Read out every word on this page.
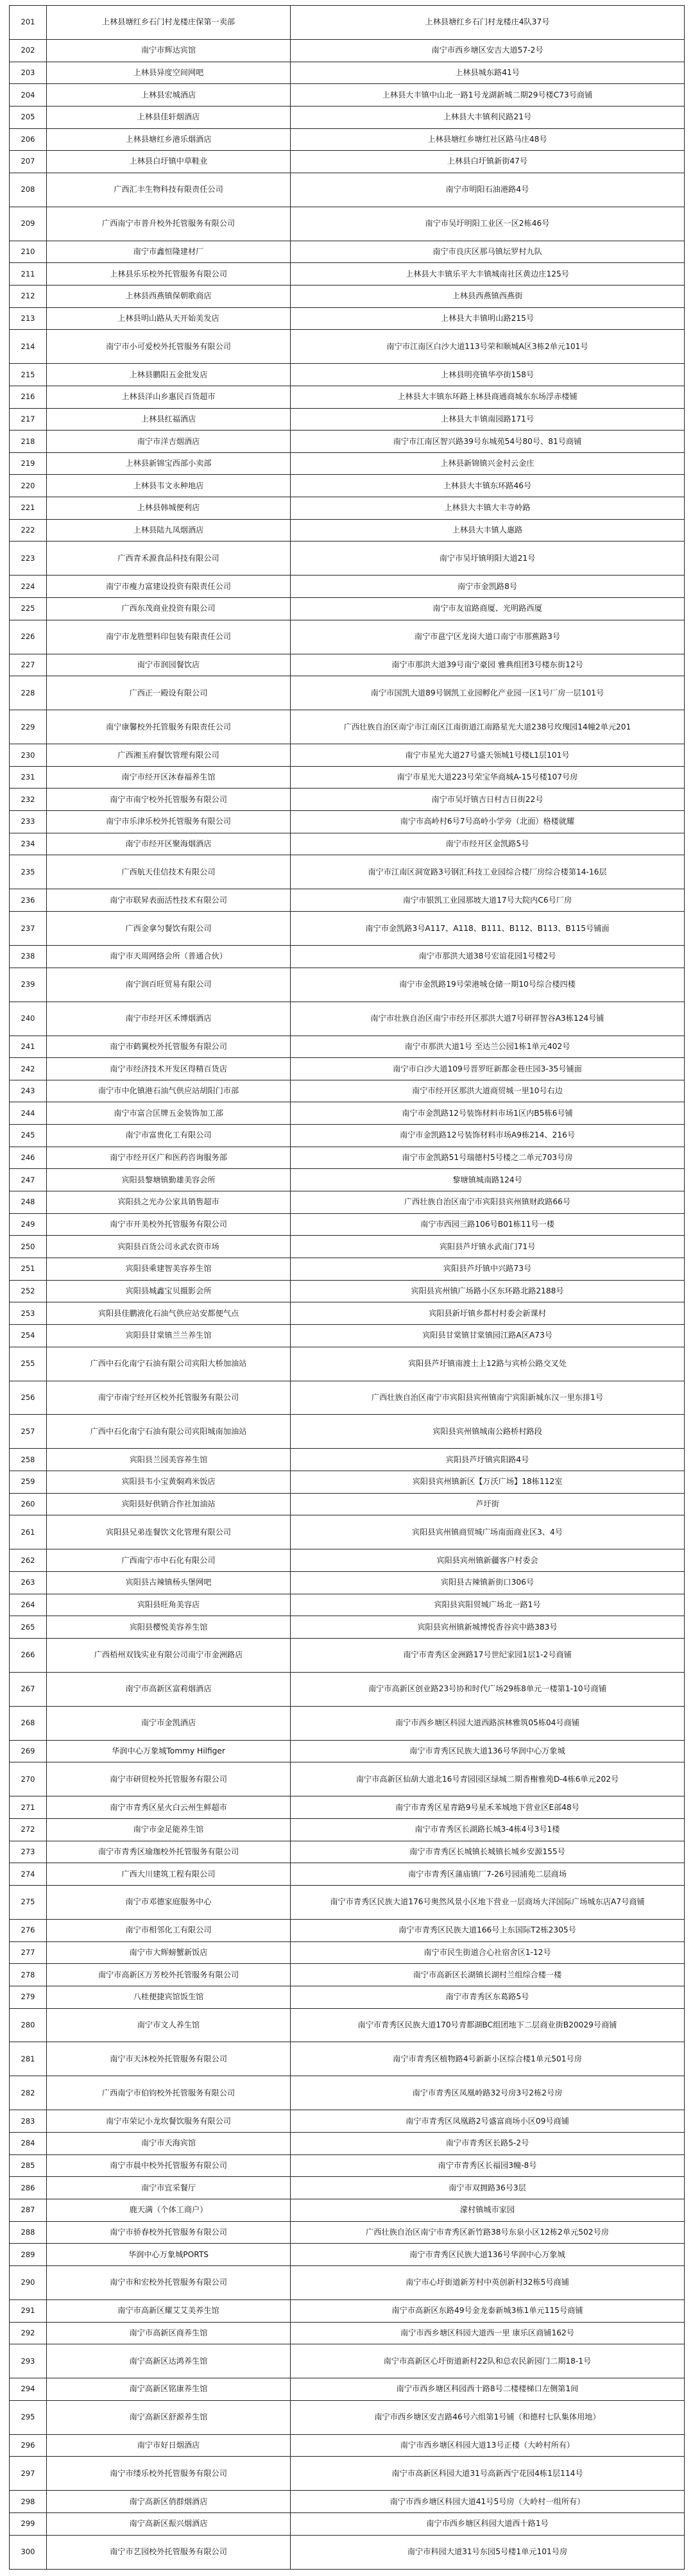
201	上林县塘红乡石门村龙楼庄保第一卖部	上林县塘红乡石门村龙楼庄4队37号
202	南宁市辉达宾馆	南宁市西乡塘区安吉大道57-2号
203	上林县异度空间网吧	上林县城东路41号
204	上林县宏城酒店	上林县大丰镇中山北一路1号龙湖新城二期29号楼C73号商铺
205	上林县佳轩烟酒店	上林县大丰镇利民路21号
206	上林县塘红乡港乐烟酒店	上林县塘红乡塘红社区路马庄48号
207	上林县白圩镇中草鞋业	上林县白圩镇新街47号
208	广西汇丰生物科技有限责任公司	南宁市明阳石油港路4号
209	广西南宁市普升校外托管服务有限公司	南宁市吴圩明阳工业区一区2栋46号
210	南宁市鑫恒隆建材厂	南宁市良庆区那马镇坛罗村九队
211	上林县乐乐校外托管服务有限公司	上林县大丰镇乐平大丰镇城南社区黄边庄125号
212	上林县西燕镇保朝歌商店	上林县西燕镇西燕街
213	上林县明山路从天开始美发店	上林县大丰镇明山路215号
214	南宁市小可爱校外托管服务有限公司	南宁市江南区白沙大道113号荣和顺城A区3栋2单元101号
215	上林县鹏阳五金批发店	上林县明亮镇华亭街158号
216	上林县洋山乡惠民百货超市	上林县大丰镇东环路上林县商通商城东东场浮赤楼铺
217	上林县红福酒店	上林县大丰镇南园路171号
218	南宁市洋吉烟酒店	南宁市江南区智兴路39号东城苑54号80号、81号商铺
219	上林县新锦宝西部小卖部	上林县新锦镇兴金村云金庄
220	上林县韦文永种地店	上林县大丰镇东环路46号
221	上林县韩城便利店	上林县大丰镇大丰寺岭路
222	上林县陆九凤烟酒店	上林县大丰镇人惠路
223	广西青禾源食品科技有限公司	南宁市吴圩镇明阳大道21号
224	南宁市瘦力富建设投资有限责任公司	南宁市金凯路8号
225	广西东茂商业投资有限公司	南宁市友谊路商厦、光明路西厦
226	南宁市龙胜塑料印包装有限责任公司	南宁市邕宁区龙岗大道口南宁市那蕉路3号
227	南宁市润园餐饮店	南宁市那洪大道39号南宁豪园 雅典组团3号楼东街12号
228	广西正一殿设有限公司	南宁市国凯大道89号钢凯工业园孵化产业园一区1号厂房一层101号
229	南宁康馨校外托管服务有限责任公司	广西壮族自治区南宁市江南区江南街道江南路星光大道238号玫瑰园14幢2单元201
230	广西湘玉府餐饮管理有限公司	南宁市星光大道27号盛天领城1号楼L1层101号
231	南宁市经开区沐春福养生馆	南宁市星光大道223号荣宝华商城A-15号楼107号房
232	南宁市南宁校外托管服务有限公司	南宁市吴圩镇吉日村吉日街22号
233	南宁市乐津乐校外托管服务有限公司	南宁市高岭村6号7号高岭小学旁（北面）格楼就耀
234	南宁市经开区聚海烟酒店	南宁市经开区金凯路5号
235	广西航天佳信技术有限公司	南宁市江南区洞宽路3号钢汇科技工业园综合楼厂房综合楼第14-16层
236	南宁市联昇表面活性技术有限公司	南宁市银凯工业园那坡大道17号大院内C6号厂房
237	广西金拿匀餐饮有限公司	南宁市金凯路3号A117、A118、B111、B112、B113、B115号铺面
238	南宁市天周网络会所（普通合伙）	南宁市那洪大道38号宏谊花园1号楼2号
239	南宁润百旺贸易有限公司	南宁市金凯路19号荣港城仓储一期10号综合楼四楼
240	南宁市经开区禾博烟酒店	南宁市壮族自治区南宁市经开区那洪大道7号研祥智谷A3栋124号铺
241	南宁市鹤翼校外托管服务有限公司	南宁市那洪大道1号 至达兰公园1栋1单元402号
242	南宁市经济技术开发区得精百货店	南宁市白沙大道109号晋罗旺新都金巷庄园3-35号铺面
243	南宁市中化镇港石油气供应站胡阳门市部	南宁市经开区那洪大道商贸城一里10号右边
244	南宁市富合匡牌五金装饰加工部	南宁市金凯路12号装饰材料市场1区内B5栋6号铺
245	南宁市富贵化工有限公司	南宁市金凯路12号装饰材料市场A9栋214、216号
246	南宁市经开区广和医药咨询服务部	南宁市金凯路51号瑞德村5号楼之二单元703号房
247	宾阳县黎塘镇勤雄美容会所	黎塘镇城南路124号
248	宾阳县之光办公家具销售超市	广西壮族自治区南宁市宾阳县宾州镇财政路66号
249	南宁市开美校外托管服务有限公司	南宁市西园三路106号B01栋11号一楼
250	宾阳县百货公司永武农资市场	宾阳县芦圩镇永武南门71号
251	宾阳县乘建智美容养生馆	宾阳县芦圩镇中兴路73号
252	宾阳县城鑫宝贝摄影会所	宾阳县宾州镇广场路小区东环路北路2188号
253	宾阳县佳鹏液化石油气供应站安都便气点	宾阳县新圩镇乡都村村委会新课村
254	宾阳县甘棠镇兰兰养生馆	宾阳县甘棠镇甘棠镇园江路A区A73号
255	广西中石化南宁石油有限公司宾阳大桥加油站	宾阳县芦圩镇南渡土上12路与宾桥公路交叉处
256	南宁市南宁经开区校外托管服务有限公司	广西壮族自治区南宁市宾阳县宾州镇南宁宾阳新城东汉一里东排1号
257	广西中石化南宁石油有限公司宾阳城南加油站	宾阳县宾州镇城南公路桥村路段
258	宾阳县兰园美容养生馆	宾阳县芦圩镇宾阳路4号
259	宾阳县韦小宝黄焖鸡米饭店	宾阳县宾州镇新区【万沃广场】18栋112室
260	宾阳县好供销合作社加油站	芦圩街
261	宾阳县兄弟连餐饮文化管理有限公司	宾阳县宾州镇商贸城广场南面商业区3、4号
262	广西南宁市中石化有限公司	宾阳县宾州镇新疆客户村委会
263	宾阳县古辣镇杨头堡网吧	宾阳县古辣镇新街口306号
264	宾阳县旺角美容店	宾阳县宾阳贸城广场北一路1号
265	宾阳县樱悦美容养生馆	宾阳县宾州镇新城博悦香谷宾中路383号
266	广西梧州双钱实业有限公司南宁市金洲路店	南宁市青秀区金洲路17号世纪家园1层1-2号商铺
267	南宁市高新区富莉烟酒店	南宁市高新区创业路23号协和时代广场29栋8单元一楼第1-10号商铺
268	南宁市金凯酒店	南宁市西乡塘区科园大道西路滨林雅筑05栋04号商铺
269	华润中心万象城Tommy Hilfiger	南宁市青秀区民族大道136号华润中心万象城
270	南宁市研贸校外托管服务有限公司	南宁市高新区仙葫大道北16号青园园区绿城二期香榭雅苑D-4栋6单元202号
271	南宁市青秀区星火白云州生鲜超市	南宁市青秀区星青路9号星禾苯城地下营业区E部48号
272	南宁市金足能养生馆	南宁市青秀区长湖路长城3-4栋4号3号1楼
273	南宁市青秀区瑜珈校外托管服务有限公司	南宁市青秀区长城镇长城镇长城乡安源155号
274	广西大川建筑工程有限公司	南宁市青秀区蒲庙镇厂7-26号园浦苑二层商场
275	南宁市邓德家庭服务中心	南宁市青秀区民族大道176号奥然风景小区地下营业一层商场大洋国际广场城东店A7号商铺
276	南宁市相邻化工有限公司	南宁市青秀区民族大道166号上东国际T2栋2305号
277	南宁市大辉螃蟹新饭店	南宁市民生街道合心社宿舍区1-12号
278	南宁市高新区万芳校外托管服务有限公司	南宁市高新区长湖镇长湖村兰组综合楼一楼
279	八桂便捷宾馆饭生馆	南宁市青秀区东葛路5号
280	南宁市文人养生馆	南宁市青秀区民族大道170号青都湖BC组团地下二层商业街B20029号商铺
281	南宁市天沐校外托管服务有限公司	南宁市青秀区植物路4号新新小区综合楼1单元501号房
282	广西南宁市伯钧校外托管服务有限公司	南宁市青秀区凤凰岭路32号房3号2栋2号房
283	南宁市荣记小龙坎餐饮服务有限公司	南宁市青秀区凤凰路2号盛富商场小区09号商铺
284	南宁市天海宾馆	南宁市青秀区长路5-2号
285	南宁市晨中校外托管服务有限公司	南宁市青秀区长福园3幢-8号
286	南宁市宜采餐厅	南宁市双拥路36号3层
287	鹿天满（个体工商户）	濛村镇城市家园
288	南宁市骄春校外托管服务有限公司	广西壮族自治区南宁市青秀区新竹路38号东泉小区12栋2单元502号房
289	华润中心万象城PORTS	南宁市青秀区民族大道136号华润中心万象城
290	南宁市和宏校外托管服务有限公司	南宁市心圩街道新芳村中英创新村32栋5号商铺
291	南宁市高新区耀艾艾美养生馆	南宁市高新区东路49号金龙泰新城3栋1单元115号商铺
292	南宁市高新区商养生馆	南宁市西乡塘区科园大道西一里 康乐区商铺162号
293	南宁高新区达鸿养生馆	南宁市高新区心圩街道新村22队和总农民新园门二期18-1号
294	南宁高新区铭康养生馆	南宁市西乡塘区科园西十路8号二楼楼梯口左侧第1间
295	南宁高新区舒源养生馆	南宁市西乡塘区安吉路46号六组第1号铺（和德村七队集体用地）
296	南宁市好日烟酒店	南宁市西乡塘区科园大道13号正楼（大岭村所有）
297	南宁市缕乐校外托管服务有限公司	南宁市高新区科园大道31号高新西宁花园4栋1层114号
298	南宁高新区俏群烟酒店	南宁市西乡塘区科园大道41号5号房（大岭村一组所有）
299	南宁高新区振兴烟酒店	南宁市西乡塘区科园大道西十路1号
300	南宁市艺园校外托管服务有限公司	南宁市科园大道31号东园5号楼1单元101号房
